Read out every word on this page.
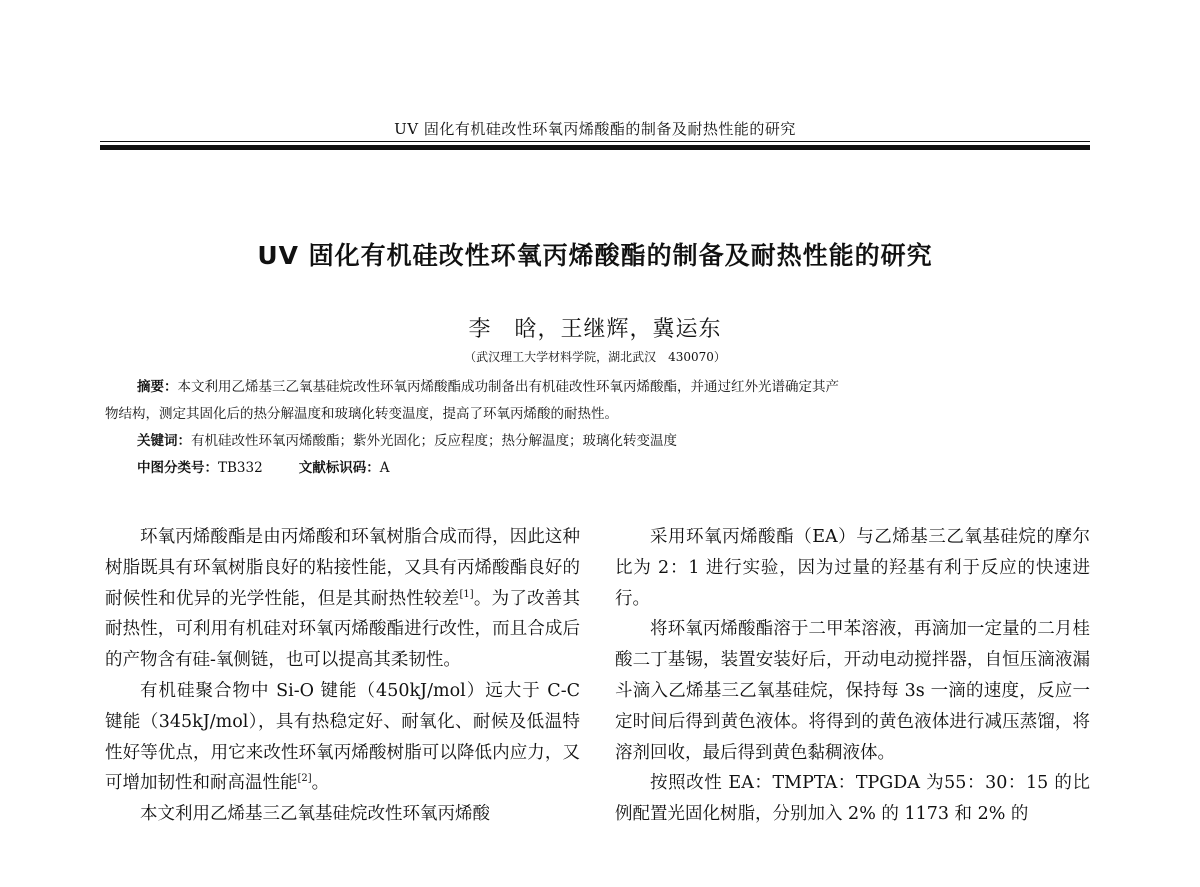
UV 固化有机硅改性环氧丙烯酸酯的制备及耐热性能的研究
UV 固化有机硅改性环氧丙烯酸酯的制备及耐热性能的研究
李　晗，王继辉，冀运东
（武汉理工大学材料学院，湖北武汉　430070）
摘要：本文利用乙烯基三乙氧基硅烷改性环氧丙烯酸酯成功制备出有机硅改性环氧丙烯酸酯，并通过红外光谱确定其产
物结构，测定其固化后的热分解温度和玻璃化转变温度，提高了环氧丙烯酸的耐热性。
关键词：有机硅改性环氧丙烯酸酯；紫外光固化；反应程度；热分解温度；玻璃化转变温度
中图分类号：TB332	文献标识码：A

环氧丙烯酸酯是由丙烯酸和环氧树脂合成而得，因此这种树脂既具有环氧树脂良好的粘接性能，又具有丙烯酸酯良好的耐候性和优异的光学性能，但是其耐热性较差[1]。为了改善其耐热性，可利用有机硅对环氧丙烯酸酯进行改性，而且合成后的产物含有硅-氧侧链，也可以提高其柔韧性。

有机硅聚合物中 Si-O 键能（450kJ/mol）远大于 C-C 键能（345kJ/mol），具有热稳定好、耐氧化、耐候及低温特性好等优点，用它来改性环氧丙烯酸树脂可以降低内应力，又可增加韧性和耐高温性能[2]。

本文利用乙烯基三乙氧基硅烷改性环氧丙烯酸

采用环氧丙烯酸酯（EA）与乙烯基三乙氧基硅烷的摩尔比为 2：1 进行实验，因为过量的羟基有利于反应的快速进行。

将环氧丙烯酸酯溶于二甲苯溶液，再滴加一定量的二月桂酸二丁基锡，装置安装好后，开动电动搅拌器，自恒压滴液漏斗滴入乙烯基三乙氧基硅烷，保持每 3s 一滴的速度，反应一定时间后得到黄色液体。将得到的黄色液体进行减压蒸馏，将溶剂回收，最后得到黄色黏稠液体。

按照改性 EA：TMPTA：TPGDA 为55：30：15 的比例配置光固化树脂，分别加入 2% 的 1173 和 2% 的
